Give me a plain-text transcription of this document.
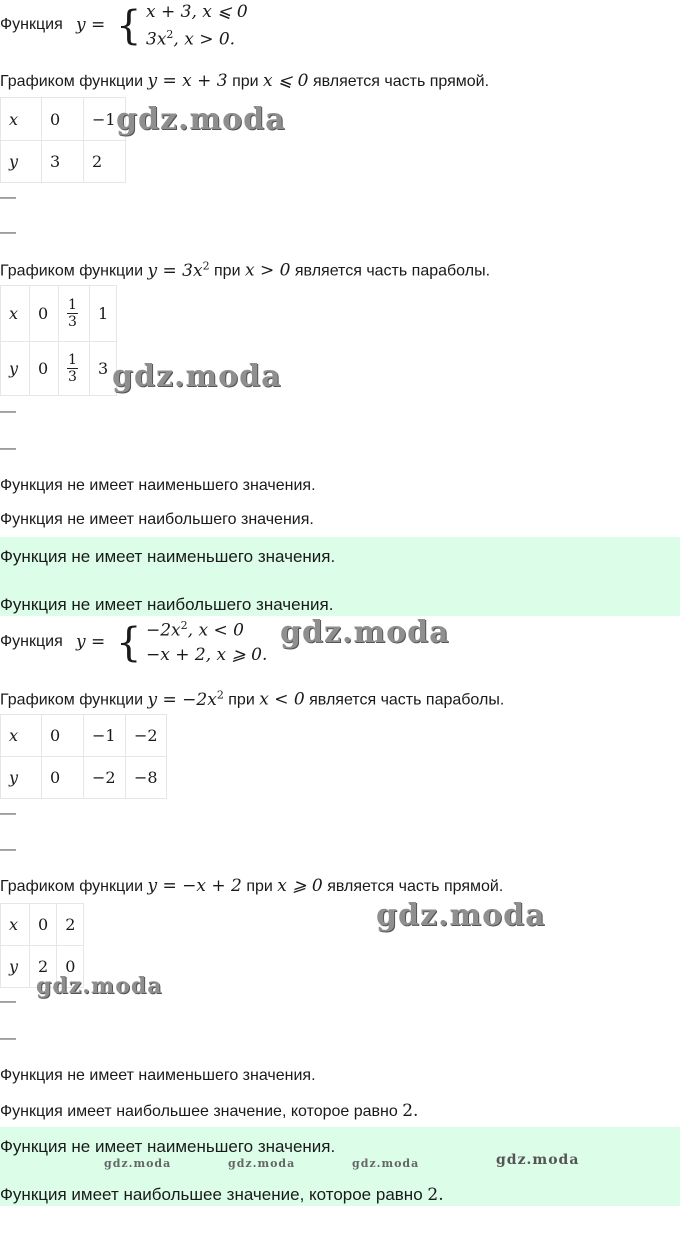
Функция y = { x + 3, x ⩽ 0
$3x^2$, x > 0.
Графиком функции y = x + 3 при x ⩽ 0 является часть прямой.
x	0	−1
y	3	2
—
—
Графиком функции $y = 3x^2$ при x > 0 является часть параболы.
x	0	$\frac{1}{3}$	1
y	0	$\frac{1}{3}$	3
—
—
Функция не имеет наименьшего значения.
Функция не имеет наибольшего значения.
Функция не имеет наименьшего значения.
Функция не имеет наибольшего значения.
Функция y = { $-2x^2$, x < 0
−x + 2, x ⩾ 0.
Графиком функции $y = -2x^2$ при x < 0 является часть параболы.
x	0	−1	−2
y	0	−2	−8
—
—
Графиком функции y = −x + 2 при x ⩾ 0 является часть прямой.
x	0	2
y	2	0
—
—
Функция не имеет наименьшего значения.
Функция имеет наибольшее значение, которое равно 2.
Функция не имеет наименьшего значения.
Функция имеет наибольшее значение, которое равно 2.
gdz.moda
gdz.moda
gdz.moda
gdz.moda
gdz.moda
gdz.moda	gdz.moda	gdz.moda	gdz.moda
